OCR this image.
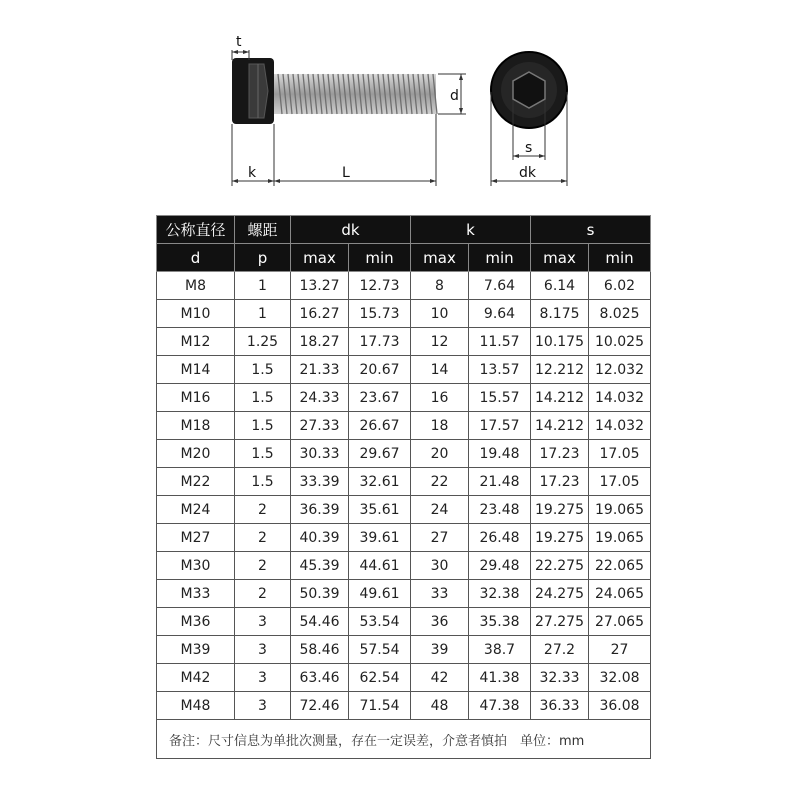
t
k	L
d
s
dk
公称直径	螺距	dk		k		s	
d	p	max	min	max	min	max	min
M8	1	13.27	12.73	8	7.64	6.14	6.02
M10	1	16.27	15.73	10	9.64	8.175	8.025
M12	1.25	18.27	17.73	12	11.57	10.175	10.025
M14	1.5	21.33	20.67	14	13.57	12.212	12.032
M16	1.5	24.33	23.67	16	15.57	14.212	14.032
M18	1.5	27.33	26.67	18	17.57	14.212	14.032
M20	1.5	30.33	29.67	20	19.48	17.23	17.05
M22	1.5	33.39	32.61	22	21.48	17.23	17.05
M24	2	36.39	35.61	24	23.48	19.275	19.065
M27	2	40.39	39.61	27	26.48	19.275	19.065
M30	2	45.39	44.61	30	29.48	22.275	22.065
M33	2	50.39	49.61	33	32.38	24.275	24.065
M36	3	54.46	53.54	36	35.38	27.275	27.065
M39	3	58.46	57.54	39	38.7	27.2	27
M42	3	63.46	62.54	42	41.38	32.33	32.08
M48	3	72.46	71.54	48	47.38	36.33	36.08
备注：尺寸信息为单批次测量，存在一定误差，介意者慎拍　单位：mm							
